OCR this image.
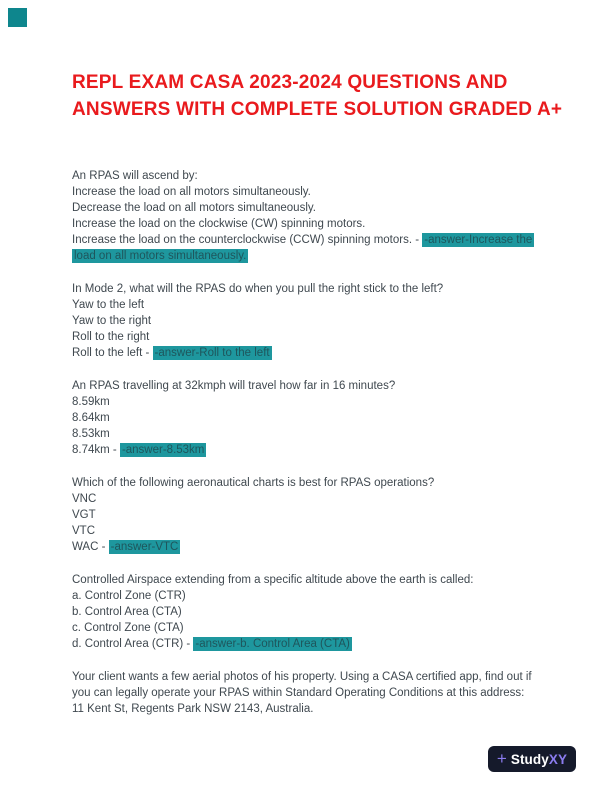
REPL EXAM CASA 2023-2024 QUESTIONS AND
ANSWERS WITH COMPLETE SOLUTION GRADED A+
An RPAS will ascend by:
Increase the load on all motors simultaneously.
Decrease the load on all motors simultaneously.
Increase the load on the clockwise (CW) spinning motors.
Increase the load on the counterclockwise (CCW) spinning motors. - -answer-Increase the
load on all motors simultaneously.
In Mode 2, what will the RPAS do when you pull the right stick to the left?
Yaw to the left
Yaw to the right
Roll to the right
Roll to the left - -answer-Roll to the left
An RPAS travelling at 32kmph will travel how far in 16 minutes?
8.59km
8.64km
8.53km
8.74km - -answer-8.53km
Which of the following aeronautical charts is best for RPAS operations?
VNC
VGT
VTC
WAC - -answer-VTC
Controlled Airspace extending from a specific altitude above the earth is called:
a. Control Zone (CTR)
b. Control Area (CTA)
c. Control Zone (CTA)
d. Control Area (CTR) - -answer-b. Control Area (CTA)
Your client wants a few aerial photos of his property. Using a CASA certified app, find out if
you can legally operate your RPAS within Standard Operating Conditions at this address:
11 Kent St, Regents Park NSW 2143, Australia.
+ StudyXY
